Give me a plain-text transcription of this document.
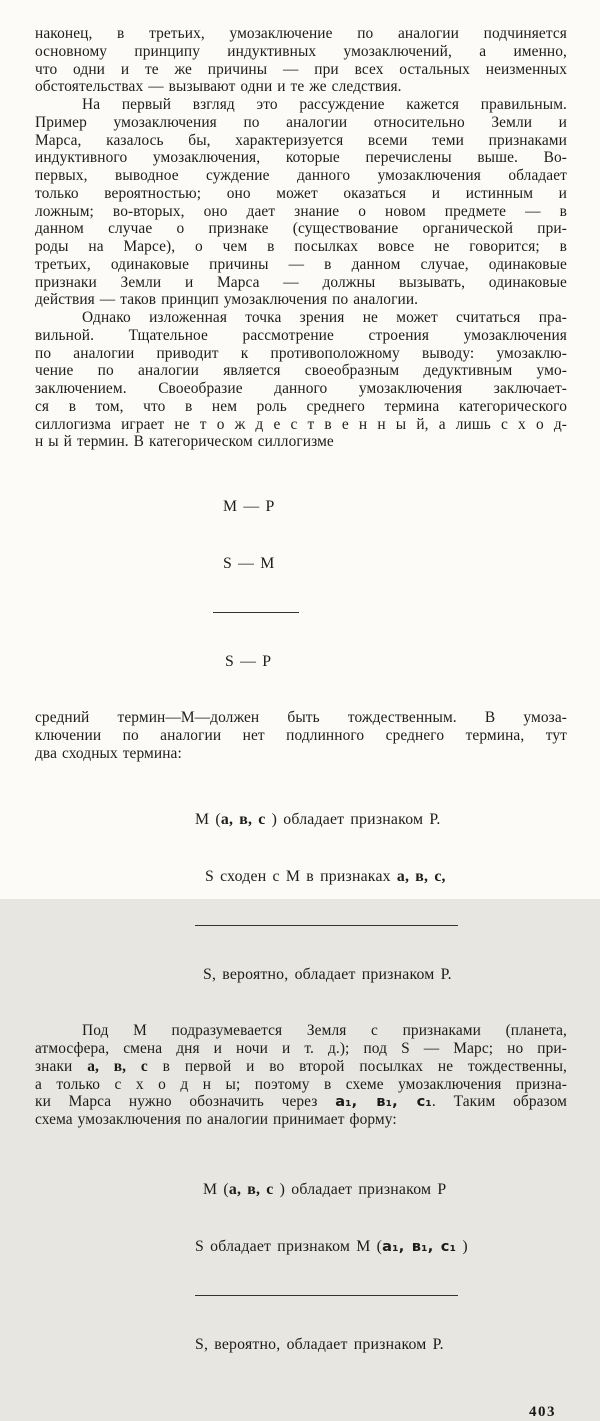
наконец, в третьих, умозаключение по аналогии подчиняется
основному принципу индуктивных умозаключений, а именно,
что одни и те же причины — при всех остальных неизменных
обстоятельствах — вызывают одни и те же следствия.

На первый взгляд это рассуждение кажется правильным.
Пример умозаключения по аналогии относительно Земли и
Марса, казалось бы, характеризуется всеми теми признаками
индуктивного умозаключения, которые перечислены выше. Во-
первых, выводное суждение данного умозаключения обладает
только вероятностью; оно может оказаться и истинным и
ложным; во-вторых, оно дает знание о новом предмете — в
данном случае о признаке (существование органической при-
роды на Марсе), о чем в посылках вовсе не говорится; в
третьих, одинаковые причины — в данном случае, одинаковые
признаки Земли и Марса — должны вызывать, одинаковые
действия — таков принцип умозаключения по аналогии.

Однако изложенная точка зрения не может считаться пра-
вильной. Тщательное рассмотрение строения умозаключения
по аналогии приводит к противоположному выводу: умозаклю-
чение по аналогии является своеобразным дедуктивным умо-
заключением. Своеобразие данного умозаключения заключает-
ся в том, что в нем роль среднего термина категорического
силлогизма играет не т о ж д е с т в е н н ы й, а лишь с х о д-
н ы й термин. В категорическом силлогизме

М — Р

S — М

S — Р

средний термин—М—должен быть тождественным. В умоза-
ключении по аналогии нет подлинного среднего термина, тут
два сходных термина:

М (а, в, с ) обладает признаком Р.

S сходен с М в признаках а, в, с,

S, вероятно, обладает признаком Р.

Под М подразумевается Земля с признаками (планета,
атмосфера, смена дня и ночи и т. д.); под S — Марс; но при-
знаки а, в, с в первой и во второй посылках не тождественны,
а только с х о д н ы; поэтому в схеме умозаключения призна-
ки Марса нужно обозначить через а₁, в₁, с₁. Таким образом
схема умозаключения по аналогии принимает форму:

М (а, в, с ) обладает признаком Р

S обладает признаком М (а₁, в₁, с₁ )

S, вероятно, обладает признаком Р.

403
